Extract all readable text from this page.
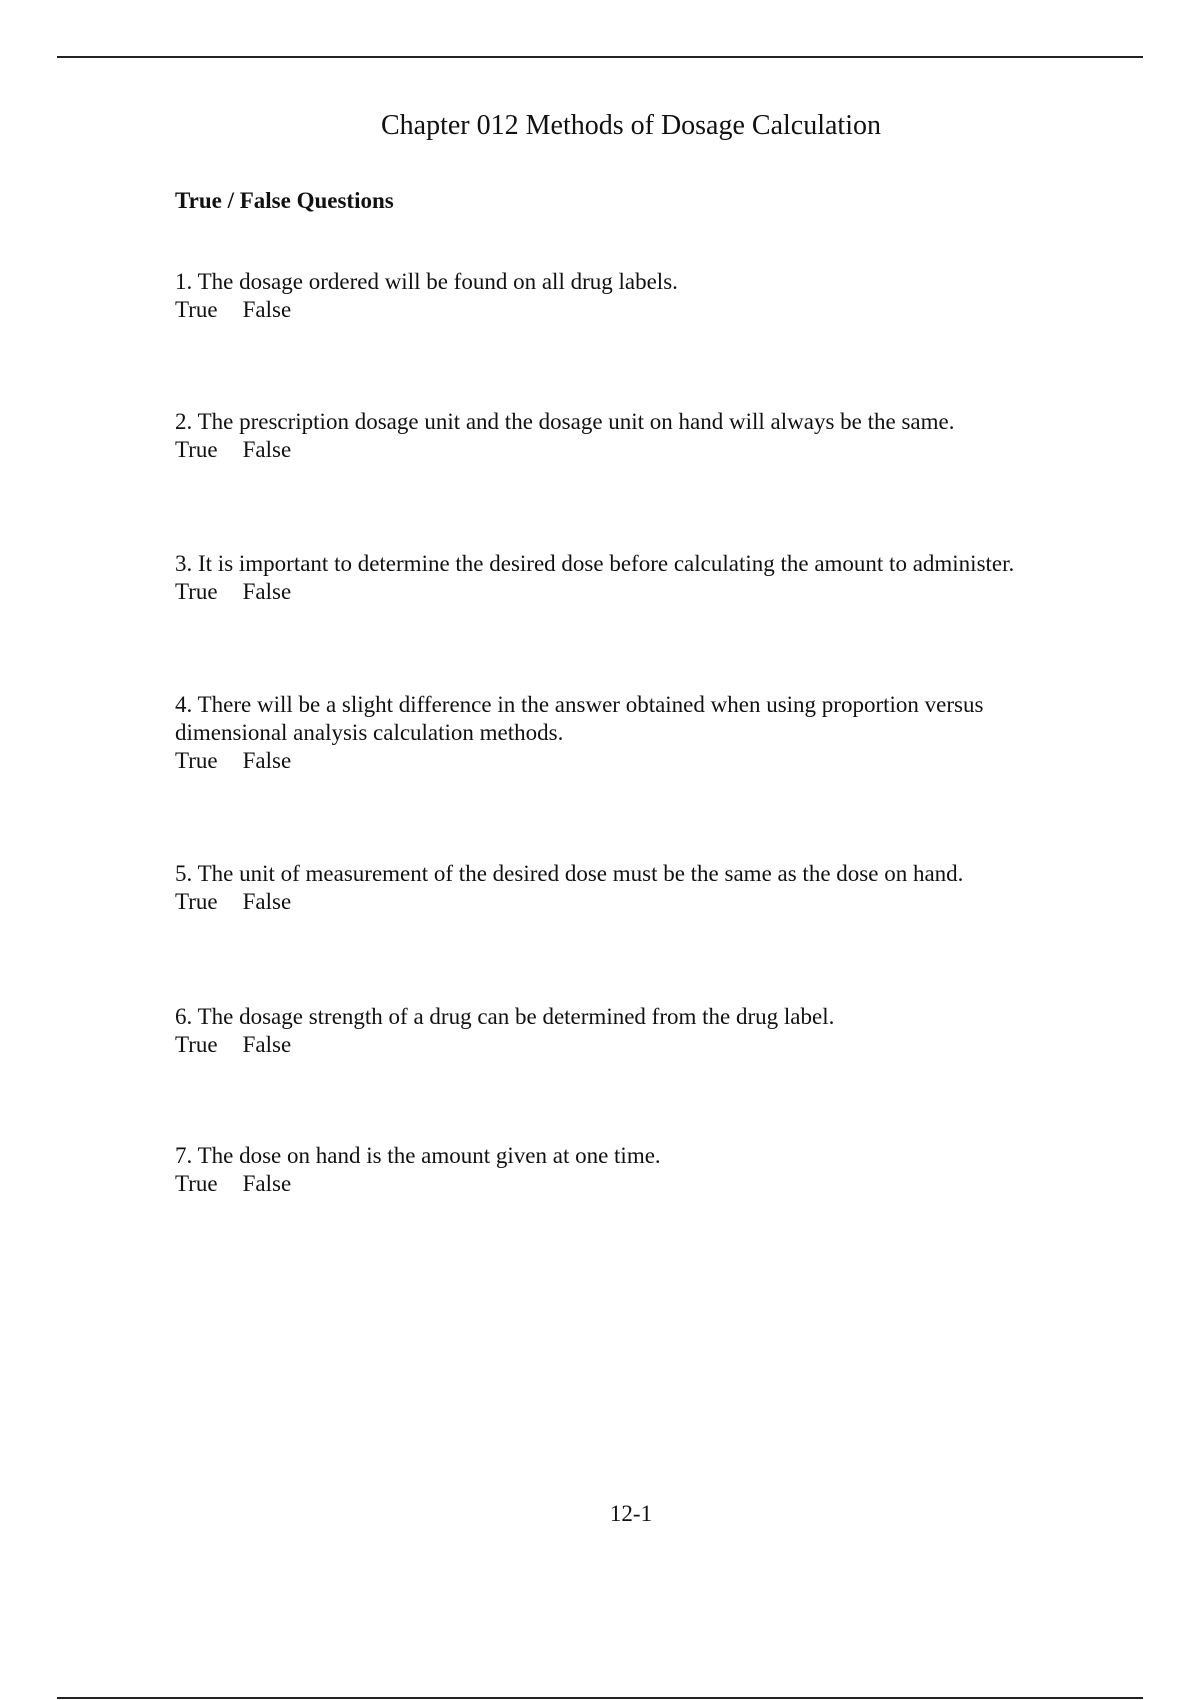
Chapter 012 Methods of Dosage Calculation
True / False Questions
1. The dosage ordered will be found on all drug labels.
True False
2. The prescription dosage unit and the dosage unit on hand will always be the same.
True False
3. It is important to determine the desired dose before calculating the amount to administer.
True False
4. There will be a slight difference in the answer obtained when using proportion versus dimensional analysis calculation methods.
True False
5. The unit of measurement of the desired dose must be the same as the dose on hand.
True False
6. The dosage strength of a drug can be determined from the drug label.
True False
7. The dose on hand is the amount given at one time.
True False
12-1
